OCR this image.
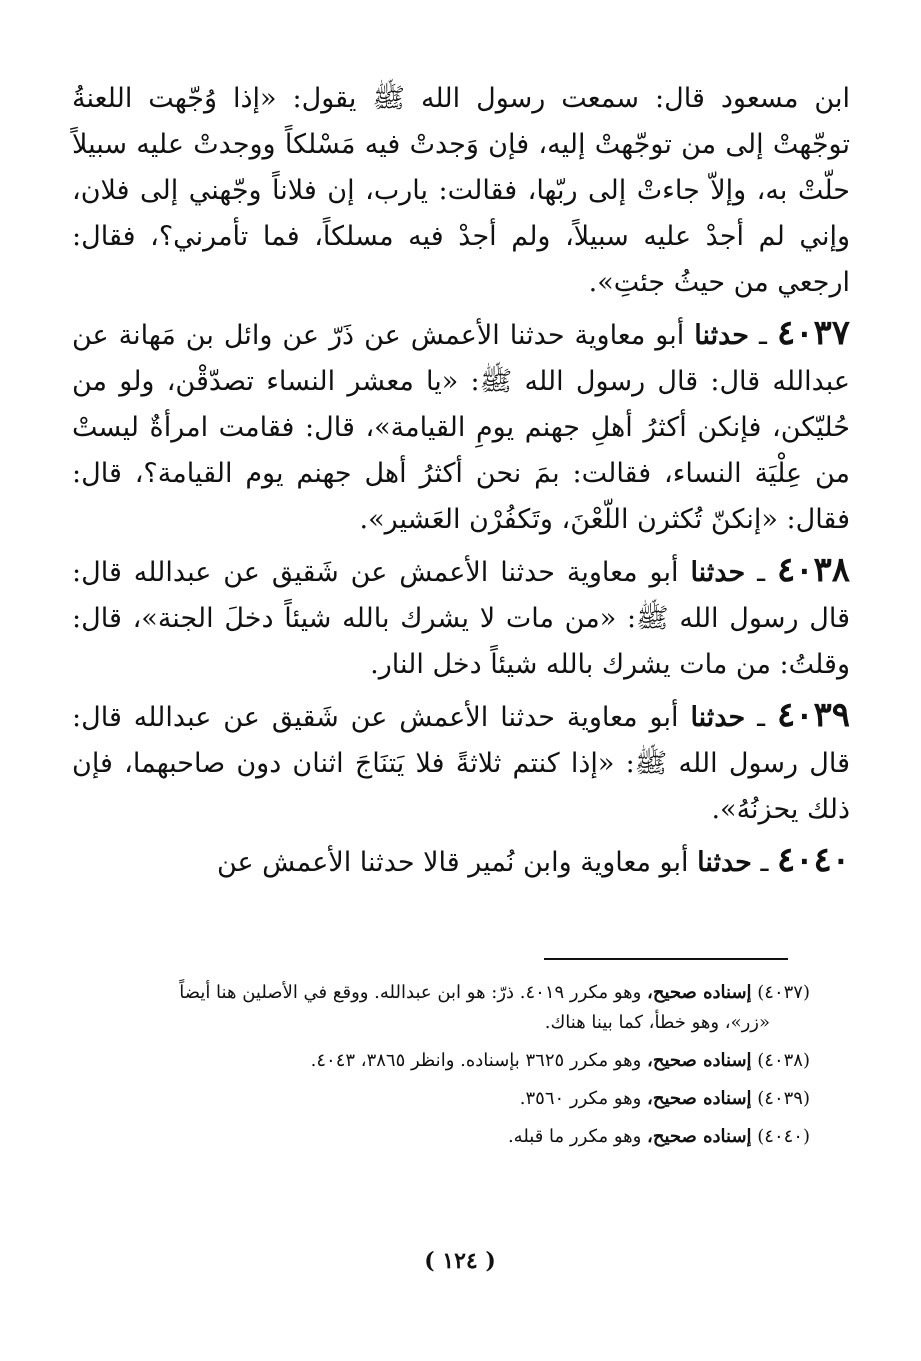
ابن مسعود قال: سمعت رسول الله ﷺ يقول: «إذا وُجّهت اللعنةُ توجّهتْ إلى من توجّهتْ إليه، فإن وَجدتْ فيه مَسْلكاً ووجدتْ عليه سبيلاً حلّتْ به، وإلاّ جاءتْ إلى ربّها، فقالت: يارب، إن فلاناً وجّهني إلى فلان، وإني لم أجدْ عليه سبيلاً، ولم أجدْ فيه مسلكاً، فما تأمرني؟، فقال: ارجعي من حيثُ جئتِ».

٤٠٣٧ ـ حدثنا أبو معاوية حدثنا الأعمش عن ذَرّ عن وائل بن مَهانة عن عبدالله قال: قال رسول الله ﷺ: «يا معشر النساء تصدّقْن، ولو من حُليّكن، فإنكن أكثرُ أهلِ جهنم يومِ القيامة»، قال: فقامت امرأةٌ ليستْ من عِلْيَة النساء، فقالت: بمَ نحن أكثرُ أهل جهنم يوم القيامة؟، قال: فقال: «إنكنّ تُكثرن اللّعْنَ، وتَكفُرْن العَشير».

٤٠٣٨ ـ حدثنا أبو معاوية حدثنا الأعمش عن شَقيق عن عبدالله قال: قال رسول الله ﷺ: «من مات لا يشرك بالله شيئاً دخلَ الجنة»، قال: وقلتُ: من مات يشرك بالله شيئاً دخل النار.

٤٠٣٩ ـ حدثنا أبو معاوية حدثنا الأعمش عن شَقيق عن عبدالله قال: قال رسول الله ﷺ: «إذا كنتم ثلاثةً فلا يَتنَاجَ اثنان دون صاحبهما، فإن ذلك يحزنُهُ».

٤٠٤٠ ـ حدثنا أبو معاوية وابن نُمير قالا حدثنا الأعمش عن

(٤٠٣٧) إسناده صحيح، وهو مكرر ٤٠١٩. ذرّ: هو ابن عبدالله. ووقع في الأصلين هنا أيضاً
«زر»، وهو خطأ، كما بينا هناك.
(٤٠٣٨) إسناده صحيح، وهو مكرر ٣٦٢٥ بإسناده. وانظر ٣٨٦٥، ٤٠٤٣.
(٤٠٣٩) إسناده صحيح، وهو مكرر ٣٥٦٠.
(٤٠٤٠) إسناده صحيح، وهو مكرر ما قبله.
( ١٢٤ )
